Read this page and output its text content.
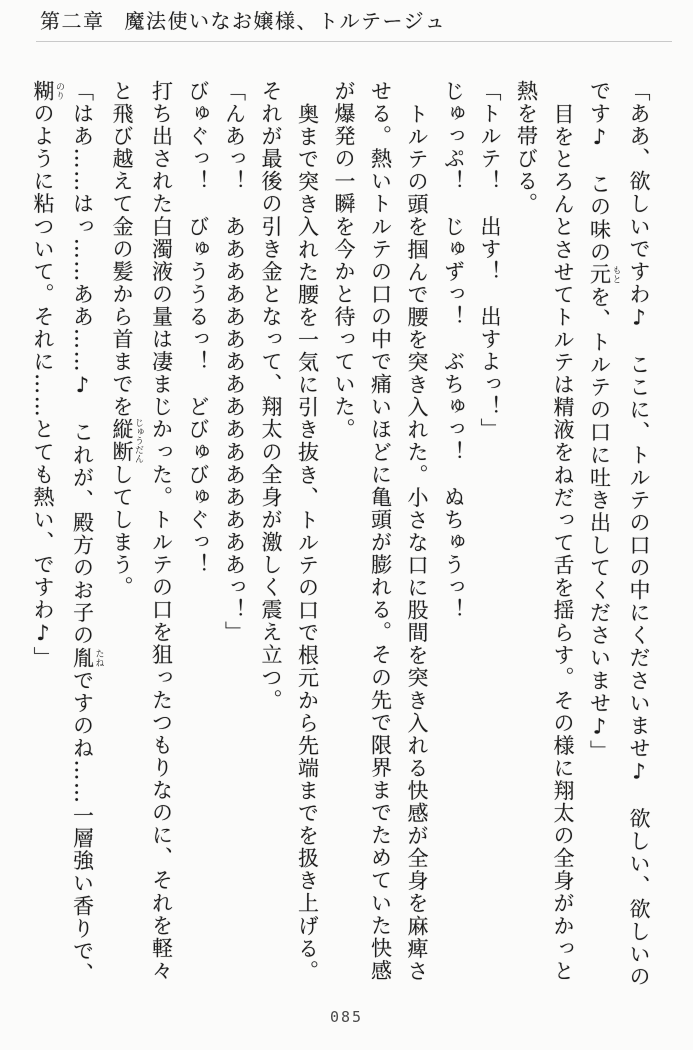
第二章 魔法使いなお嬢様、トルテージュ

「ああ、欲しいですわ♪　ここに、トルテの口の中にくださいませ♪　欲しい、欲しいの

です♪　この味の元 もとを、トルテの口に吐き出してくださいませ♪」

目をとろんとさせてトルテは精液をねだって舌を揺らす。その様に翔太の全身がかっと

熱を帯びる。

「トルテ！　出す！　出すよっ！」

じゅっぷ！　じゅずっ！　ぶちゅっ！　ぬちゅうっ！

トルテの頭を掴んで腰を突き入れた。小さな口に股間を突き入れる快感が全身を麻痺さ

せる。熱いトルテの口の中で痛いほどに亀頭が膨れる。その先で限界までためていた快感

が爆発の一瞬を今かと待っていた。

奥まで突き入れた腰を一気に引き抜き、トルテの口で根元から先端までを扱き上げる。

それが最後の引き金となって、翔太の全身が激しく震え立つ。

「んあっ！　ああああああああああああああああっ！」

びゅぐっ！　びゅううるっ！　どびゅびゅぐっ！

打ち出された白濁液の量は凄まじかった。トルテの口を狙ったつもりなのに、それを軽々

と飛び越えて金の髪から首までを縦断 じゅうだんしてしまう。

「はあ……はっ……ああ……♪　これが、殿方のお子の胤 たねですのね……一層強い香りで、

糊 のりのように粘ついて。それに……とても熱い、ですわ♪」

085
